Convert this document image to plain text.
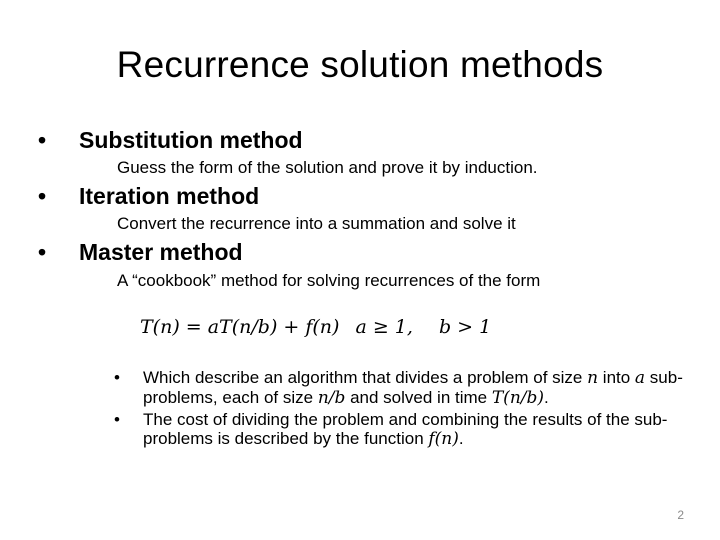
Recurrence solution methods
• Substitution method
Guess the form of the solution and prove it by induction.
• Iteration method
Convert the recurrence into a summation and solve it
• Master method
A “cookbook” method for solving recurrences of the form
T(n) = aT(n/b) + f(n) a ≥ 1, b > 1
• Which describe an algorithm that divides a problem of size n into a sub-problems, each of size n/b and solved in time T(n/b).
• The cost of dividing the problem and combining the results of the sub-problems is described by the function f(n).
2
